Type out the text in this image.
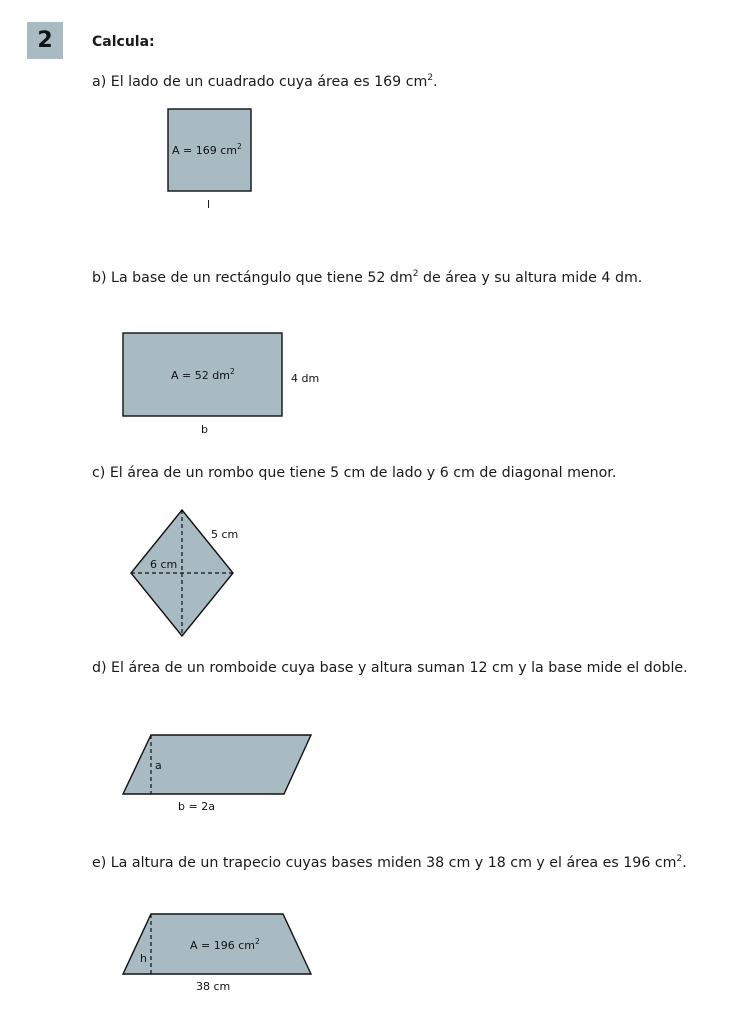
2	Calcula:
a) El lado de un cuadrado cuya área es 169 $cm^2$.
A = 169 $cm^2$
l
b) La base de un rectángulo que tiene 52 $dm^2$ de área y su altura mide 4 dm.
A = 52 $dm^2$
4 dm
b
c) El área de un rombo que tiene 5 cm de lado y 6 cm de diagonal menor.
5 cm
6 cm
d) El área de un romboide cuya base y altura suman 12 cm y la base mide el doble.
a
b = 2a
e) La altura de un trapecio cuyas bases miden 38 cm y 18 cm y el área es 196 $cm^2$.
A = 196 $cm^2$
h
38 cm
